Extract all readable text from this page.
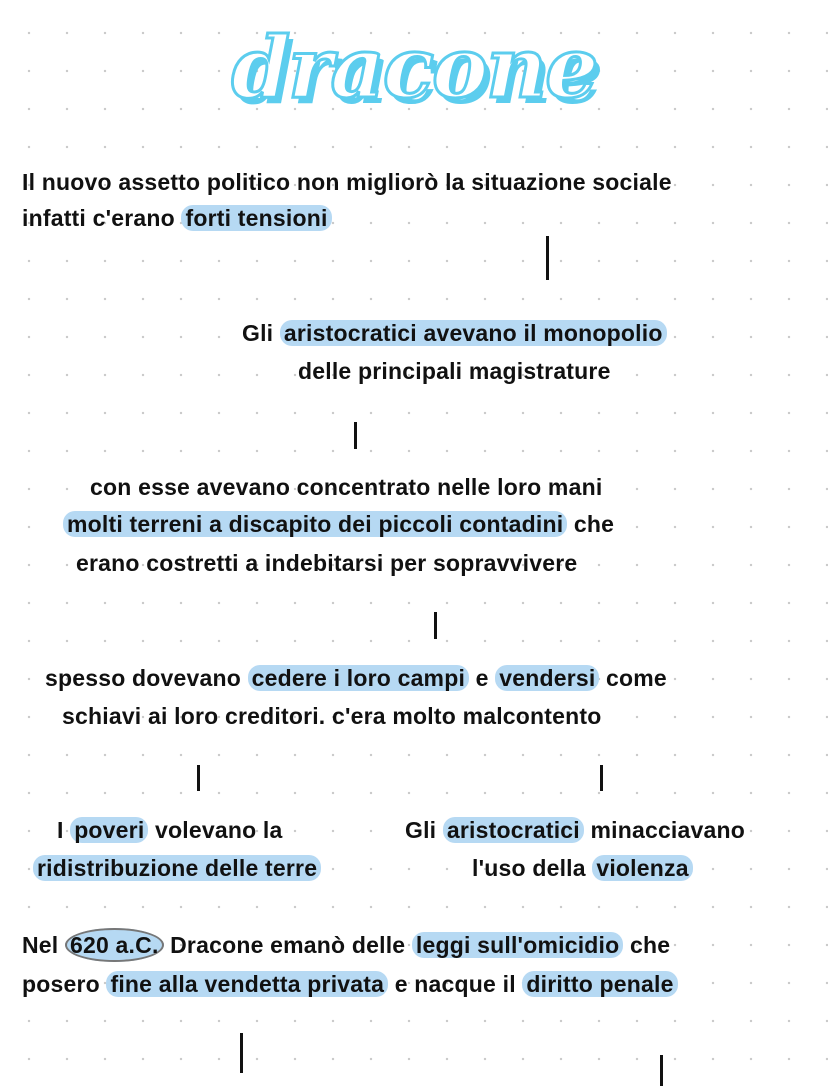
dracone
Il nuovo assetto politico non migliorò la situazione sociale
infatti c'erano forti tensioni
Gli aristocratici avevano il monopolio
delle principali magistrature
con esse avevano concentrato nelle loro mani
molti terreni a discapito dei piccoli contadini che
erano costretti a indebitarsi per sopravvivere
spesso dovevano cedere i loro campi e vendersi come
schiavi ai loro creditori. c'era molto malcontento
I poveri volevano la
ridistribuzione delle terre
Gli aristocratici minacciavano
l'uso della violenza
Nel 620 a.C. Dracone emanò delle leggi sull'omicidio che
posero fine alla vendetta privata e nacque il diritto penale
